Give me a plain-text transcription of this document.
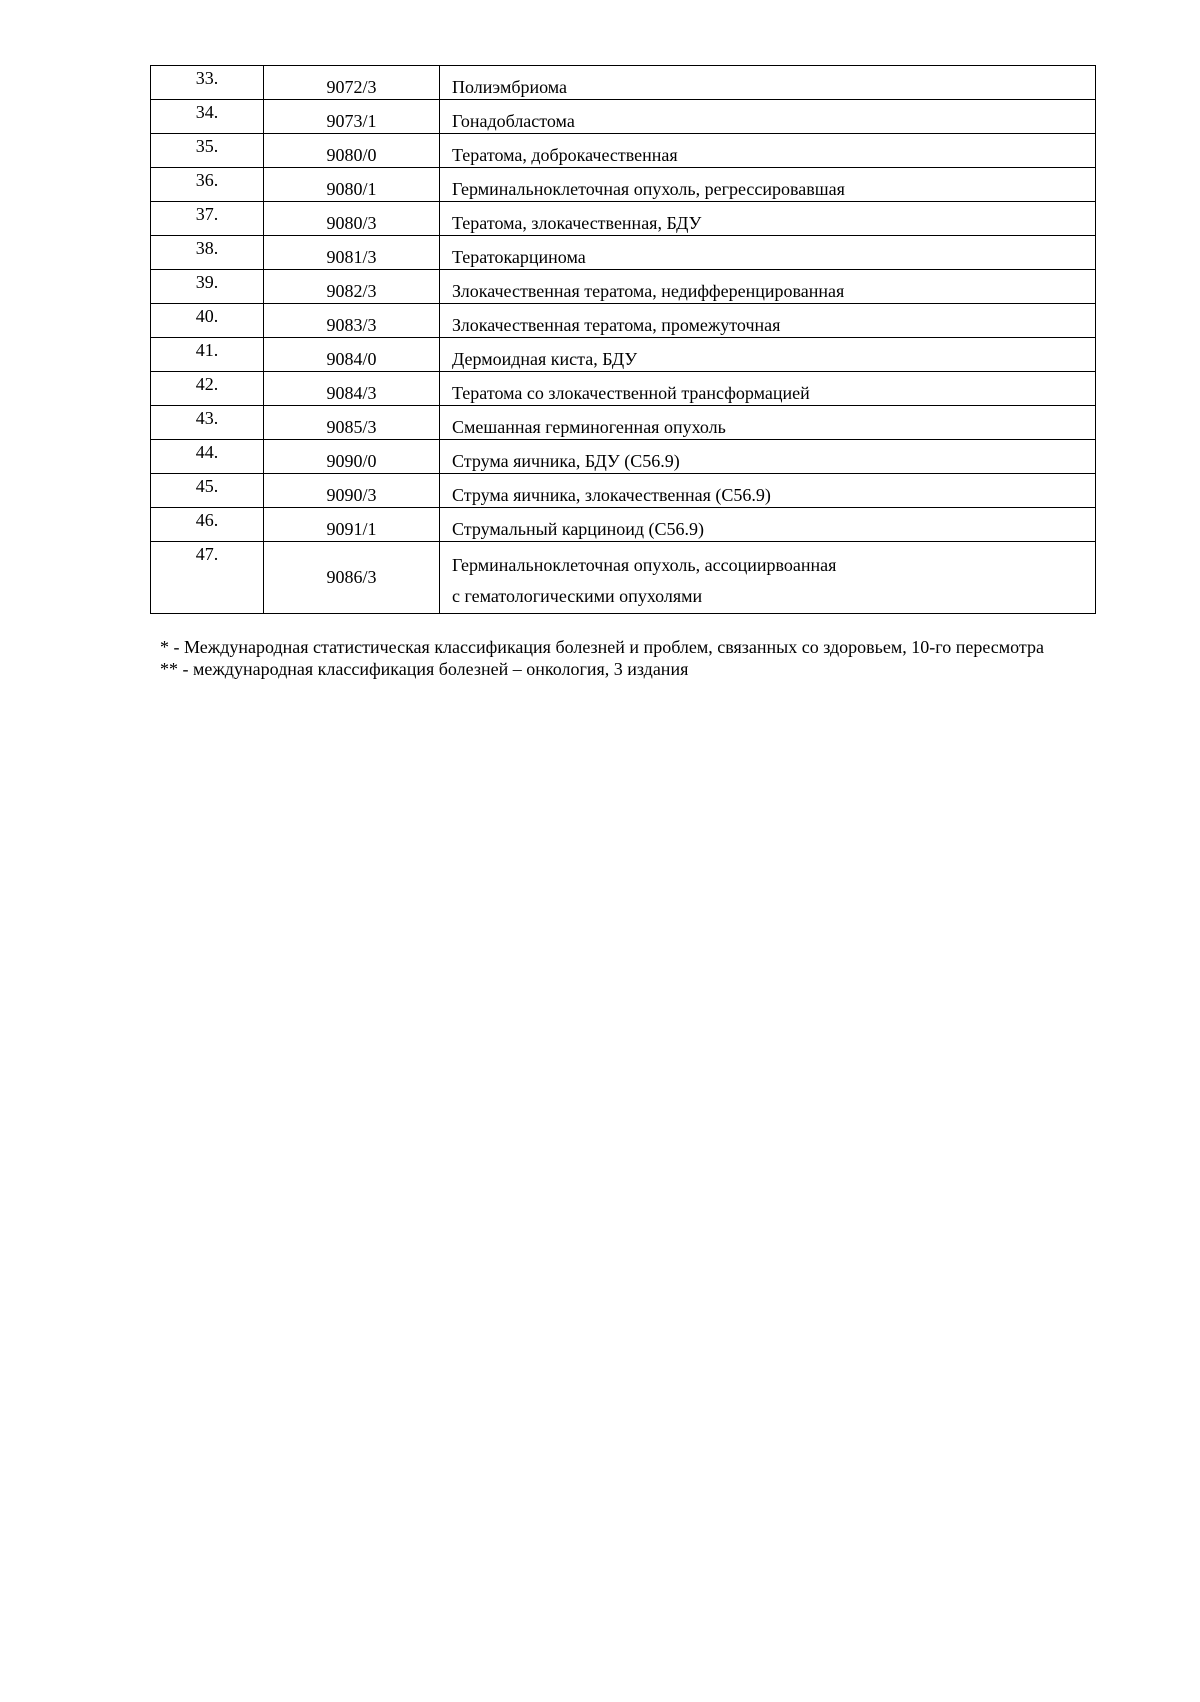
33.	9072/3	Полиэмбриома
34.	9073/1	Гонадобластома
35.	9080/0	Тератома, доброкачественная
36.	9080/1	Герминальноклеточная опухоль, регрессировавшая
37.	9080/3	Тератома, злокачественная, БДУ
38.	9081/3	Тератокарцинома
39.	9082/3	Злокачественная тератома, недифференцированная
40.	9083/3	Злокачественная тератома, промежуточная
41.	9084/0	Дермоидная киста, БДУ
42.	9084/3	Тератома со злокачественной трансформацией
43.	9085/3	Смешанная герминогенная опухоль
44.	9090/0	Струма яичника, БДУ (C56.9)
45.	9090/3	Струма яичника, злокачественная (C56.9)
46.	9091/1	Струмальный карциноид (C56.9)
47.	9086/3	Герминальноклеточная опухоль, ассоциирвоанная
с гематологическими опухолями

* - Международная статистическая классификация болезней и проблем, связанных со здоровьем, 10-го пересмотра

** - международная классификация болезней – онкология, 3 издания
